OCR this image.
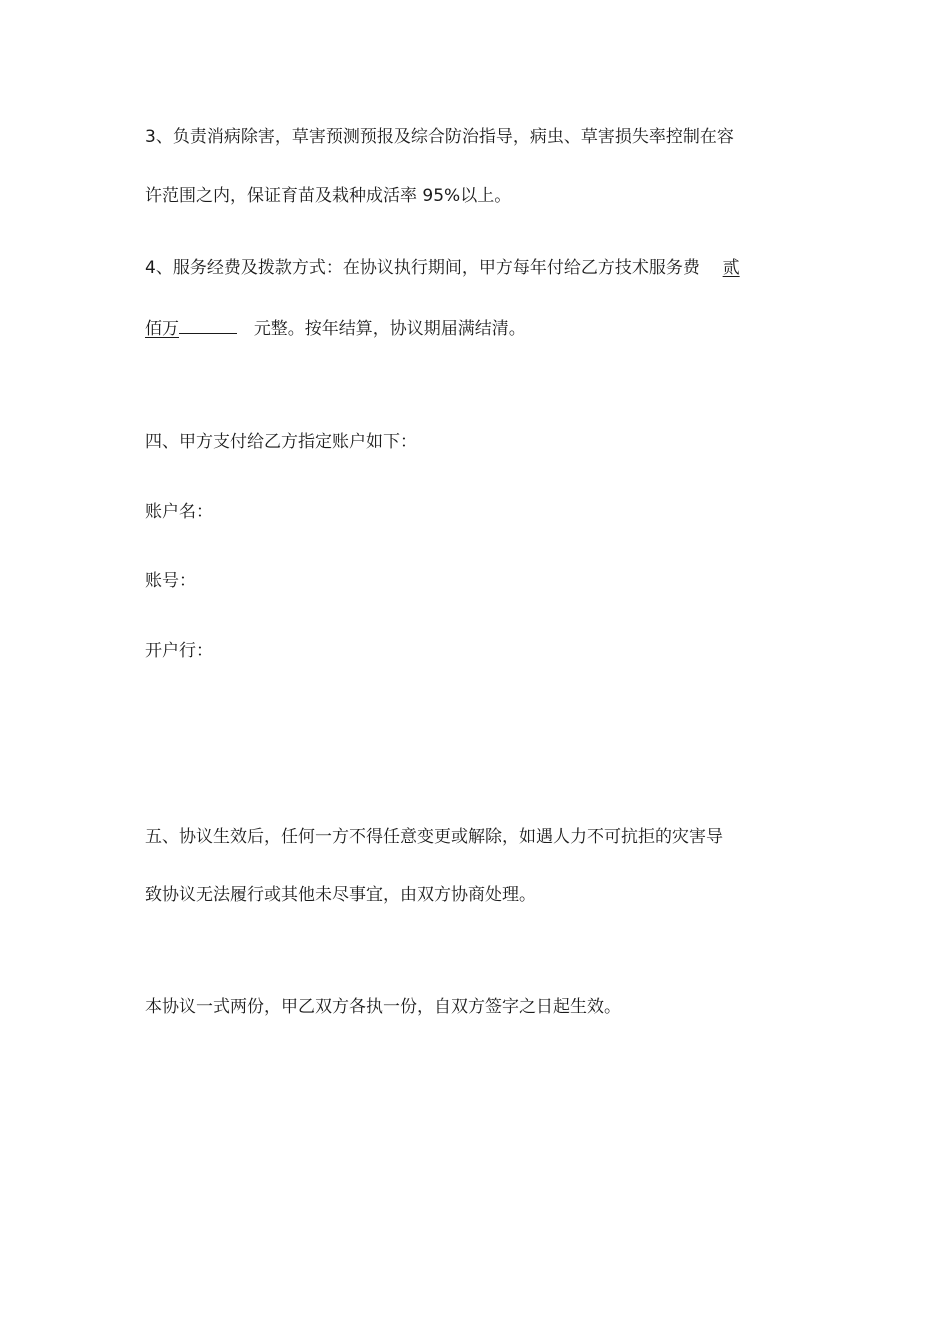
3、负责消病除害，草害预测预报及综合防治指导，病虫、草害损失率控制在容
许范围之内，保证育苗及栽种成活率 95%以上。
4、服务经费及拨款方式：在协议执行期间，甲方每年付给乙方技术服务费 贰
佰万	元整。按年结算，协议期届满结清。
四、甲方支付给乙方指定账户如下：
账户名：
账号：
开户行：
五、协议生效后，任何一方不得任意变更或解除，如遇人力不可抗拒的灾害导
致协议无法履行或其他未尽事宜，由双方协商处理。
本协议一式两份，甲乙双方各执一份，自双方签字之日起生效。
